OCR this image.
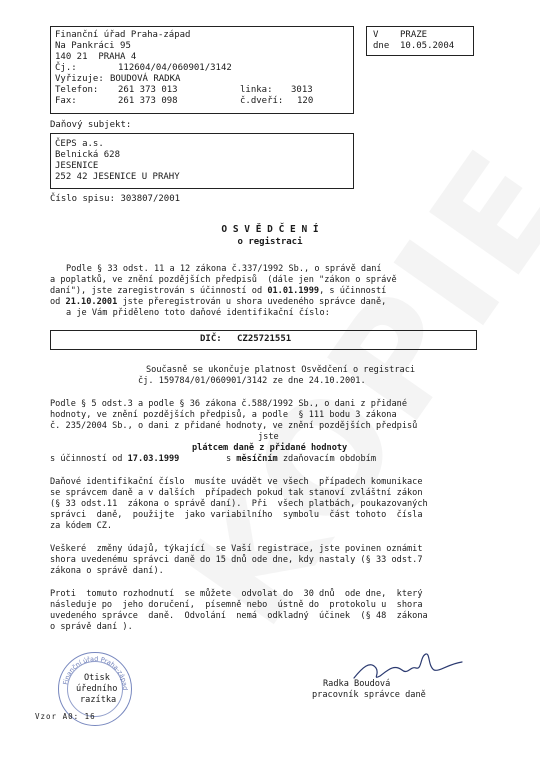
Finanční úřad Praha-západ
Na Pankráci 95
140 21  PRAHA 4
Čj.:	112604/04/060901/3142
Vyřizuje: BOUDOVÁ RADKA
Telefon: 261 373 013	linka: 3013
Fax:	261 373 098	č.dveří: 120
V PRAZE
dne 10.05.2004
Daňový subjekt:
ČEPS a.s.
Belnická 628
JESENICE
252 42 JESENICE U PRAHY
Číslo spisu: 303807/2001
O S V Ě D Č E N Í
o registraci
Podle § 33 odst. 11 a 12 zákona č.337/1992 Sb., o správě daní
a poplatků, ve znění pozdějších předpisů  (dále jen "zákon o správě
daní"), jste zaregistrován s účinností od 01.01.1999, s účinností
od 21.10.2001 jste přeregistrován u shora uvedeného správce daně,
a je Vám přiděleno toto daňové identifikační číslo:
DIČ: CZ25721551
Současně se ukončuje platnost Osvědčení o registraci
čj. 159784/01/060901/3142 ze dne 24.10.2001.
Podle § 5 odst.3 a podle § 36 zákona č.588/1992 Sb., o dani z přidané
hodnoty, ve znění pozdějších předpisů, a podle  § 111 bodu 3 zákona
č. 235/2004 Sb., o dani z přidané hodnoty, ve znění pozdějších předpisů
jste
plátcem daně z přidané hodnoty
s účinností od 17.03.1999	s měsíčním zdaňovacím obdobím
Daňové identifikační číslo  musíte uvádět ve všech  případech komunikace
se správcem daně a v dalších  případech pokud tak stanoví zvláštní zákon
(§ 33 odst.11  zákona o správě daní).  Při  všech platbách, poukazovaných
správci  daně,  použijte  jako variabilního  symbolu  část tohoto  čísla
za kódem CZ.
Veškeré  změny údajů, týkající  se Vaší registrace, jste povinen oznámit
shora uvedenému správci daně do 15 dnů ode dne, kdy nastaly (§ 33 odst.7
zákona o správě daní).
Proti  tomuto rozhodnutí  se můžete  odvolat do  30 dnů  ode dne,  který
následuje po  jeho doručení,  písemně nebo  ústně do  protokolu u  shora
uvedeného správce  daně.  Odvolání  nemá  odkladný  účinek  (§ 48  zákona
o správě daní ).
Finanční úřad Praha-západ
Otisk
úředního
razítka
Radka Boudová
pracovník správce daně
Vzor A0: 16
